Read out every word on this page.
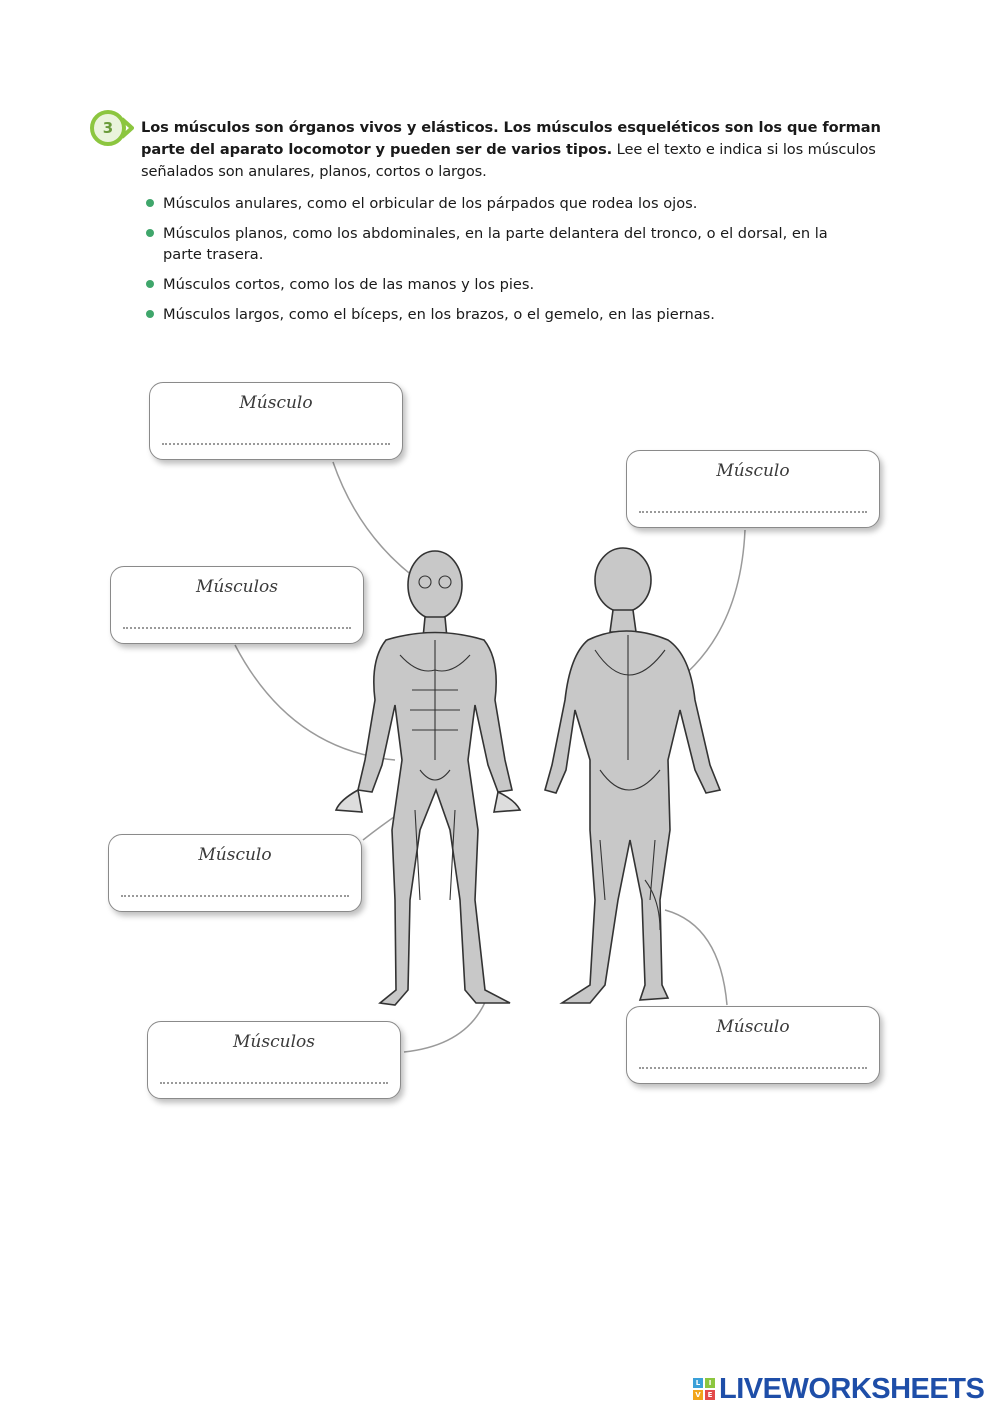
3	Los músculos son órganos vivos y elásticos. Los músculos esqueléticos son los que forman parte del aparato locomotor y pueden ser de varios tipos. Lee el texto e indica si los músculos señalados son anulares, planos, cortos o largos.
Músculos anulares, como el orbicular de los párpados que rodea los ojos.
Músculos planos, como los abdominales, en la parte delantera del tronco, o el dorsal, en la parte trasera.
Músculos cortos, como los de las manos y los pies.
Músculos largos, como el bíceps, en los brazos, o el gemelo, en las piernas.
Músculo
Músculo
Músculos
Músculo
Músculos
Músculo
L	I
V E LIVEWORKSHEETS
